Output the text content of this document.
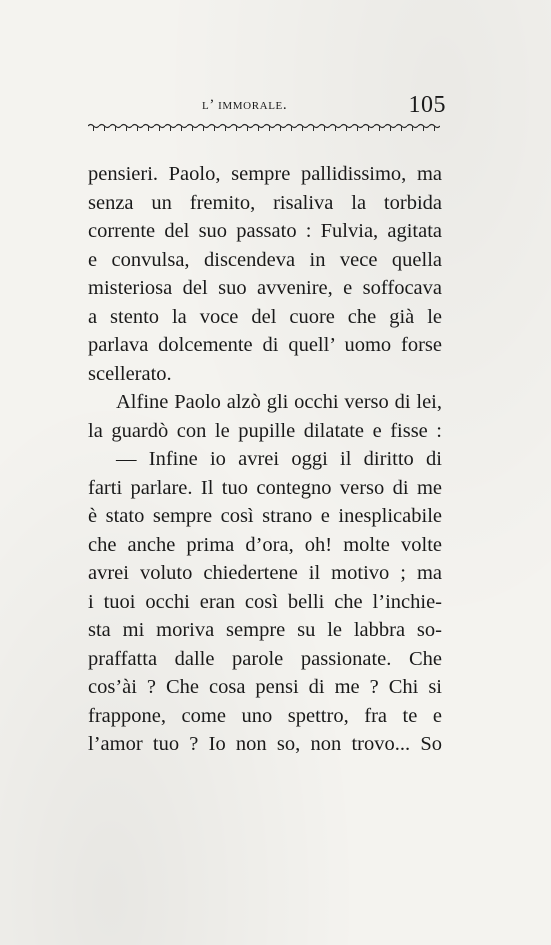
l’ immorale.	105
pensieri. Paolo, sempre pallidissimo, ma
senza un fremito, risaliva la torbida
corrente del suo passato : Fulvia, agitata
e convulsa, discendeva in vece quella
misteriosa del suo avvenire, e soffocava
a stento la voce del cuore che già le
parlava dolcemente di quell’ uomo forse
scellerato.
Alfine Paolo alzò gli occhi verso di lei,
la guardò con le pupille dilatate e fisse :
— Infine io avrei oggi il diritto di
farti parlare. Il tuo contegno verso di me
è stato sempre così strano e inesplicabile
che anche prima d’ora, oh! molte volte
avrei voluto chiedertene il motivo ; ma
i tuoi occhi eran così belli che l’inchie-
sta mi moriva sempre su le labbra so-
praffatta dalle parole passionate. Che
cos’ài ? Che cosa pensi di me ? Chi si
frappone, come uno spettro, fra te e
l’amor tuo ? Io non so, non trovo... So
